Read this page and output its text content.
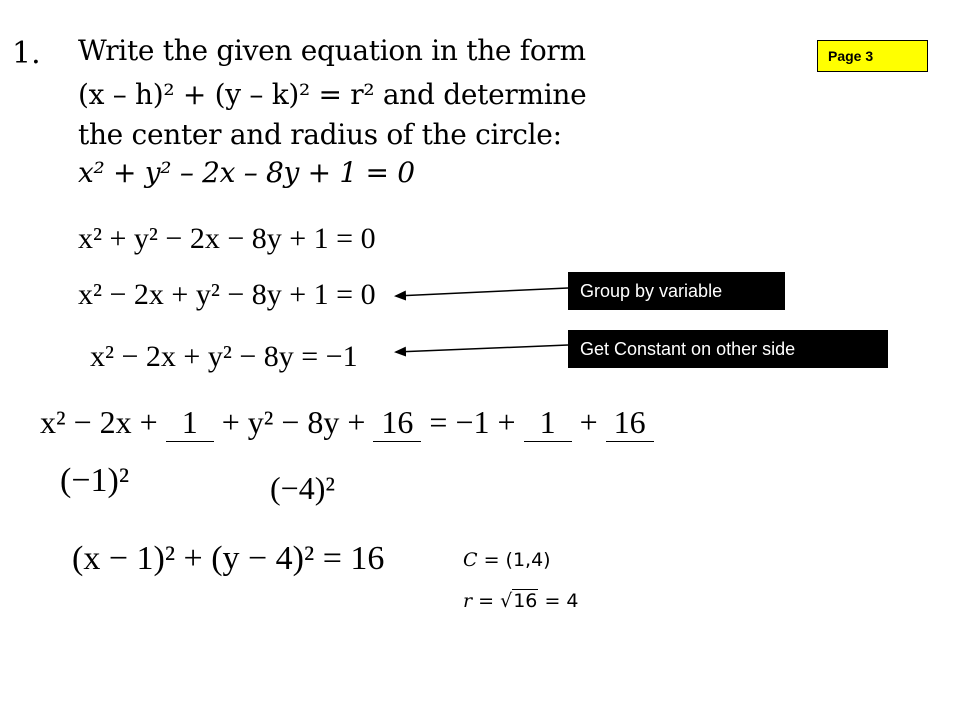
1. Write the given equation in the form
(x – h)² + (y – k)² = r² and determine
the center and radius of the circle:
x² + y² – 2x – 8y + 1 = 0
Page 3
x² + y² − 2x − 8y + 1 = 0
x² − 2x + y² − 8y + 1 = 0
x² − 2x + y² − 8y = −1
x² − 2x + 1 + y² − 8y + 16 = −1 + 1 + 16
(−1)²	(−4)²
(x − 1)² + (y − 4)² = 16
Group by variable
Get Constant on other side
C = (1,4)
r = √16 = 4
